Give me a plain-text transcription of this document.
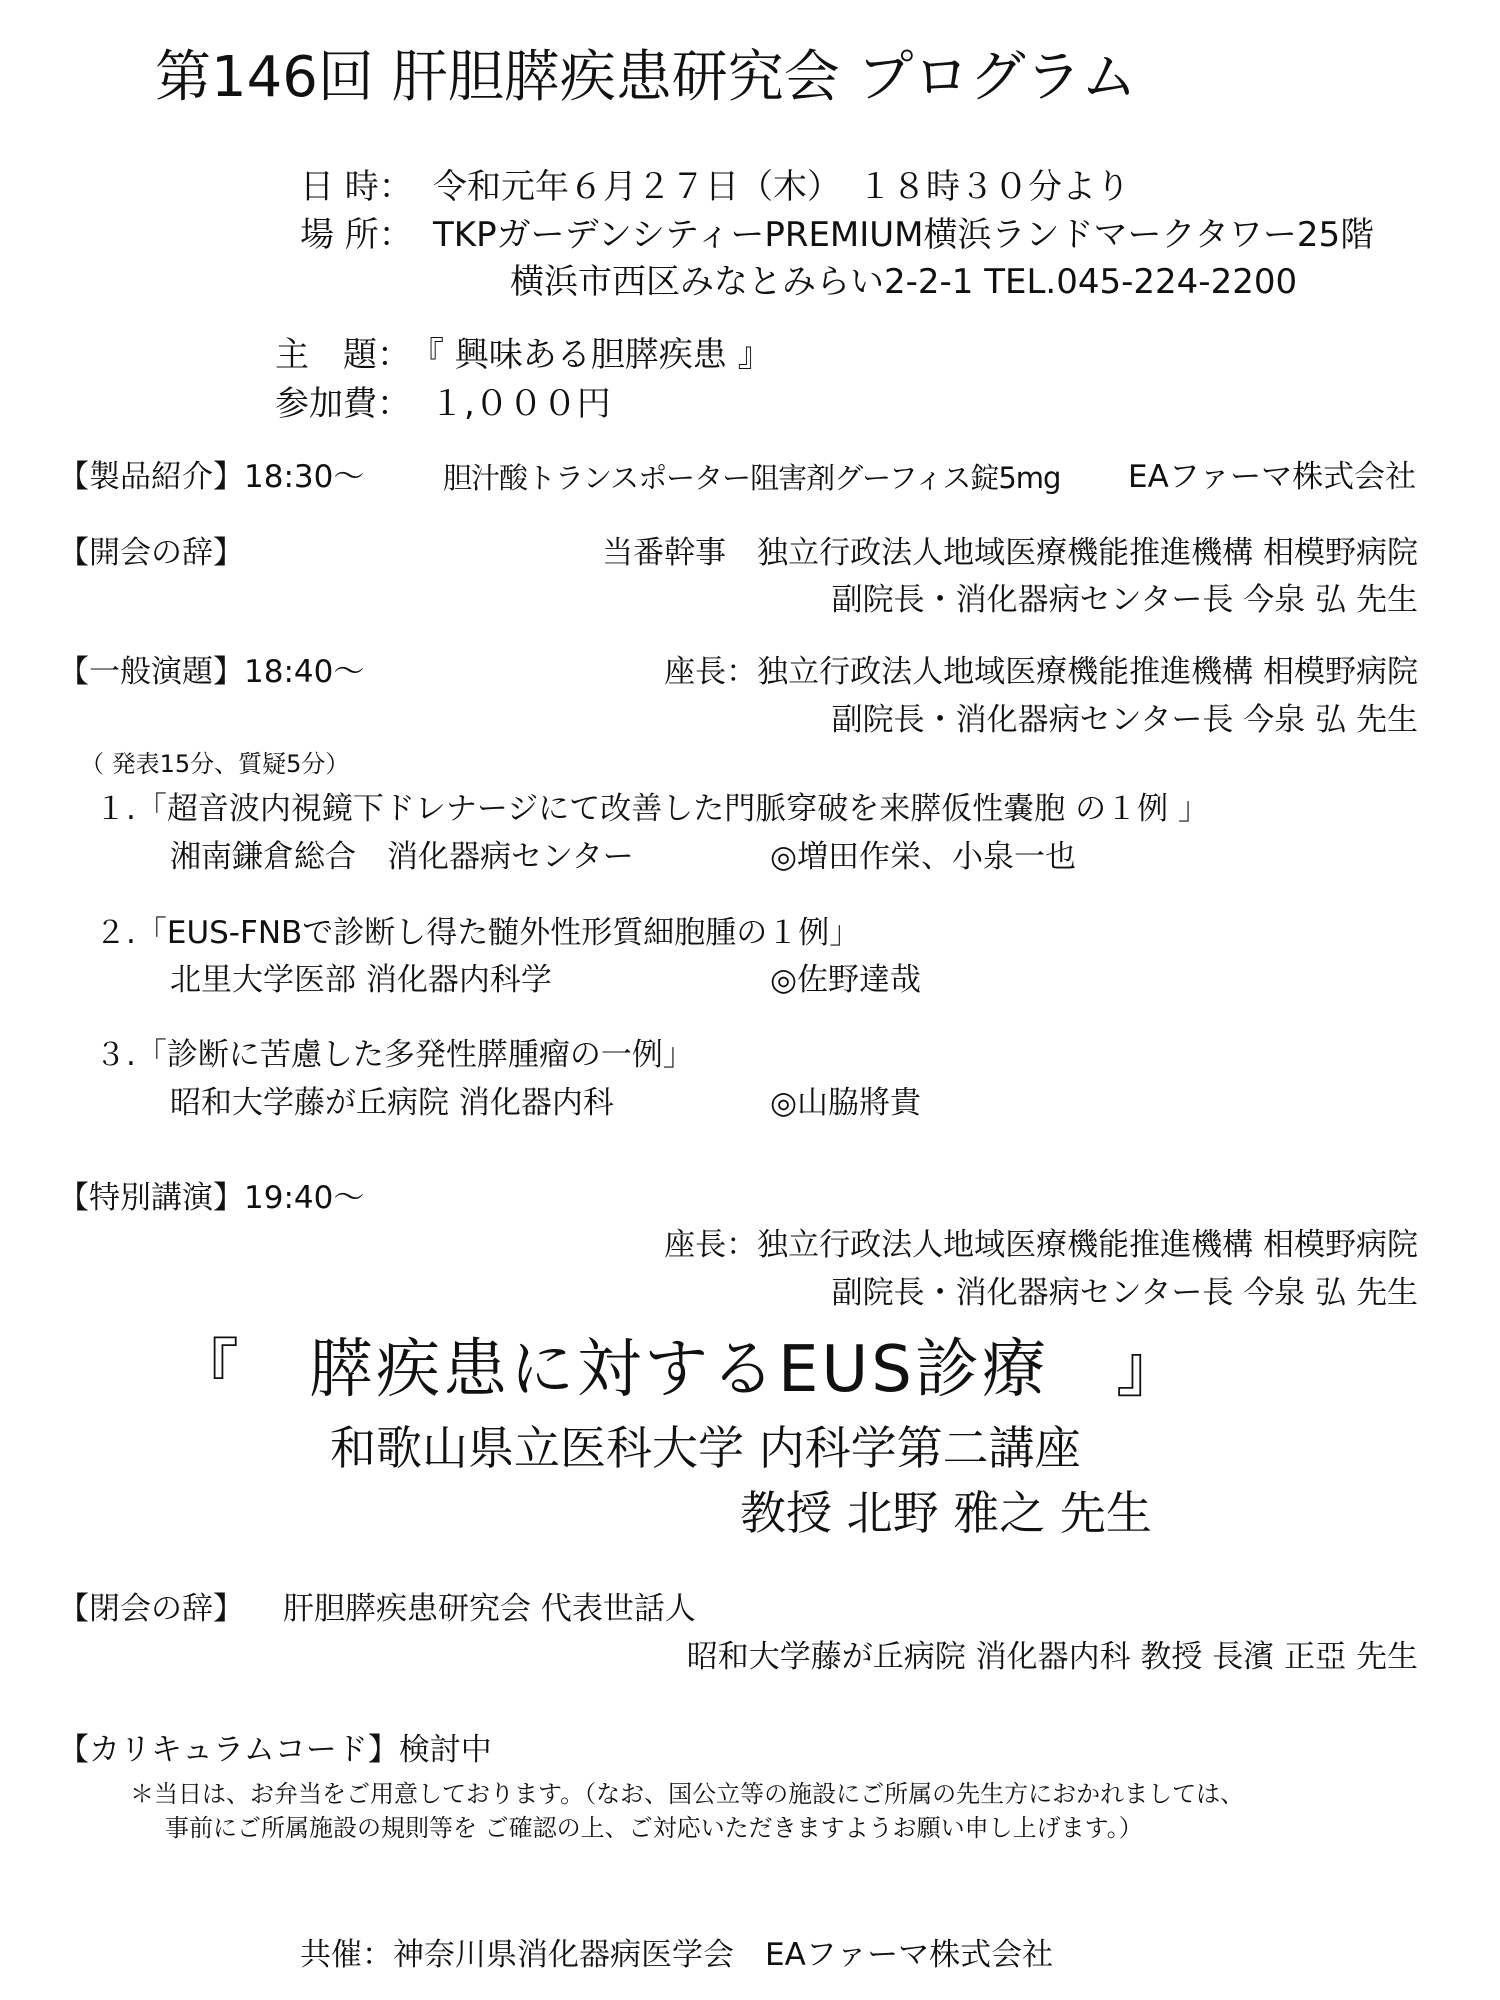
第146回 肝胆膵疾患研究会 プログラム
日 時： 令和元年６月２７日（木）　１８時３０分より
場 所： TKPガーデンシティーPREMIUM横浜ランドマークタワー25階
横浜市西区みなとみらい2-2-1 TEL.045-224-2200
主　題： 『 興味ある胆膵疾患 』
参加費： １,０００円
【製品紹介】18:30～	胆汁酸トランスポーター阻害剤グーフィス錠5mg EAファーマ株式会社
【開会の辞】	当番幹事　独立行政法人地域医療機能推進機構 相模野病院
副院長・消化器病センター長 今泉 弘 先生
【一般演題】18:40～	座長：独立行政法人地域医療機能推進機構 相模野病院
副院長・消化器病センター長 今泉 弘 先生
（ 発表15分、質疑5分）
１.「超音波内視鏡下ドレナージにて改善した門脈穿破を来膵仮性嚢胞 の１例 」
湘南鎌倉総合　消化器病センター	◎増田作栄、小泉一也
２.「EUS-FNBで診断し得た髄外性形質細胞腫の１例」
北里大学医部 消化器内科学	◎佐野達哉
３.「診断に苦慮した多発性膵腫瘤の一例」
昭和大学藤が丘病院 消化器内科	◎山脇將貴
【特別講演】19:40～
座長：独立行政法人地域医療機能推進機構 相模野病院
副院長・消化器病センター長 今泉 弘 先生
『　膵疾患に対するEUS診療　』
和歌山県立医科大学 内科学第二講座
教授 北野 雅之 先生
【閉会の辞】 肝胆膵疾患研究会 代表世話人
昭和大学藤が丘病院 消化器内科 教授 長濱 正亞 先生
【カリキュラムコード】検討中
＊当日は、お弁当をご用意しております。（なお、国公立等の施設にご所属の先生方におかれましては、
事前にご所属施設の規則等を ご確認の上、ご対応いただきますようお願い申し上げます。）
共催：神奈川県消化器病医学会　EAファーマ株式会社
